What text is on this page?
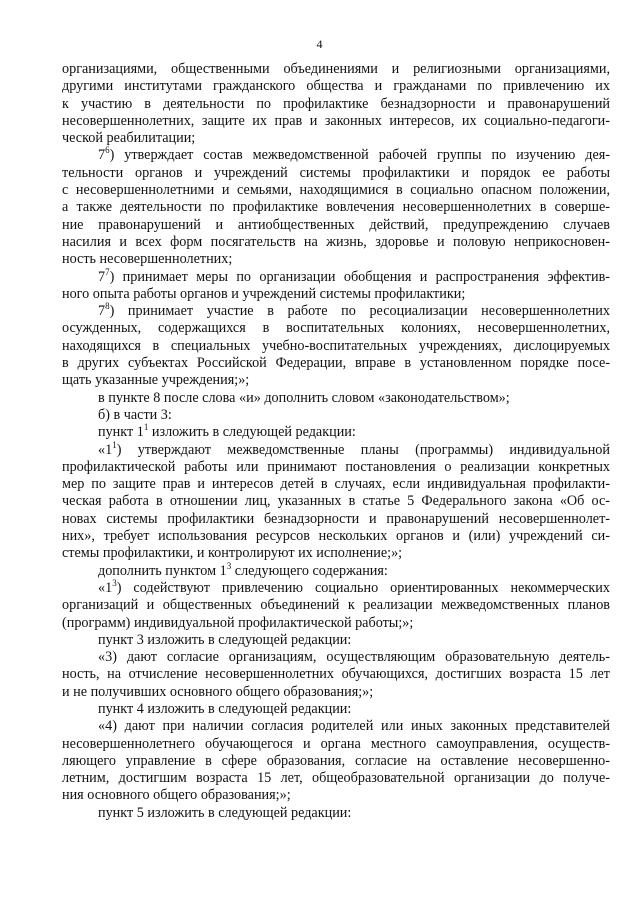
4
организациями, общественными объединениями и религиозными организациями,
другими институтами гражданского общества и гражданами по привлечению их
к участию в деятельности по профилактике безнадзорности и правонарушений
несовершеннолетних, защите их прав и законных интересов, их социально-педагоги-
ческой реабилитации;
$7^6$) утверждает состав межведомственной рабочей группы по изучению дея-
тельности органов и учреждений системы профилактики и порядок ее работы
с несовершеннолетними и семьями, находящимися в социально опасном положении,
а также деятельности по профилактике вовлечения несовершеннолетних в соверше-
ние правонарушений и антиобщественных действий, предупреждению случаев
насилия и всех форм посягательств на жизнь, здоровье и половую неприкосновен-
ность несовершеннолетних;
$7^7$) принимает меры по организации обобщения и распространения эффектив-
ного опыта работы органов и учреждений системы профилактики;
$7^8$) принимает участие в работе по ресоциализации несовершеннолетних
осужденных, содержащихся в воспитательных колониях, несовершеннолетних,
находящихся в специальных учебно-воспитательных учреждениях, дислоцируемых
в других субъектах Российской Федерации, вправе в установленном порядке посе-
щать указанные учреждения;»;
в пункте 8 после слова «и» дополнить словом «законодательством»;
б) в части 3:
пункт $1^1$ изложить в следующей редакции:
«$1^1$) утверждают межведомственные планы (программы) индивидуальной
профилактической работы или принимают постановления о реализации конкретных
мер по защите прав и интересов детей в случаях, если индивидуальная профилакти-
ческая работа в отношении лиц, указанных в статье 5 Федерального закона «Об ос-
новах системы профилактики безнадзорности и правонарушений несовершеннолет-
них», требует использования ресурсов нескольких органов и (или) учреждений си-
стемы профилактики, и контролируют их исполнение;»;
дополнить пунктом $1^3$ следующего содержания:
«$1^3$) содействуют привлечению социально ориентированных некоммерческих
организаций и общественных объединений к реализации межведомственных планов
(программ) индивидуальной профилактической работы;»;
пункт 3 изложить в следующей редакции:
«3) дают согласие организациям, осуществляющим образовательную деятель-
ность, на отчисление несовершеннолетних обучающихся, достигших возраста 15 лет
и не получивших основного общего образования;»;
пункт 4 изложить в следующей редакции:
«4) дают при наличии согласия родителей или иных законных представителей
несовершеннолетнего обучающегося и органа местного самоуправления, осуществ-
ляющего управление в сфере образования, согласие на оставление несовершенно-
летним, достигшим возраста 15 лет, общеобразовательной организации до получе-
ния основного общего образования;»;
пункт 5 изложить в следующей редакции:
